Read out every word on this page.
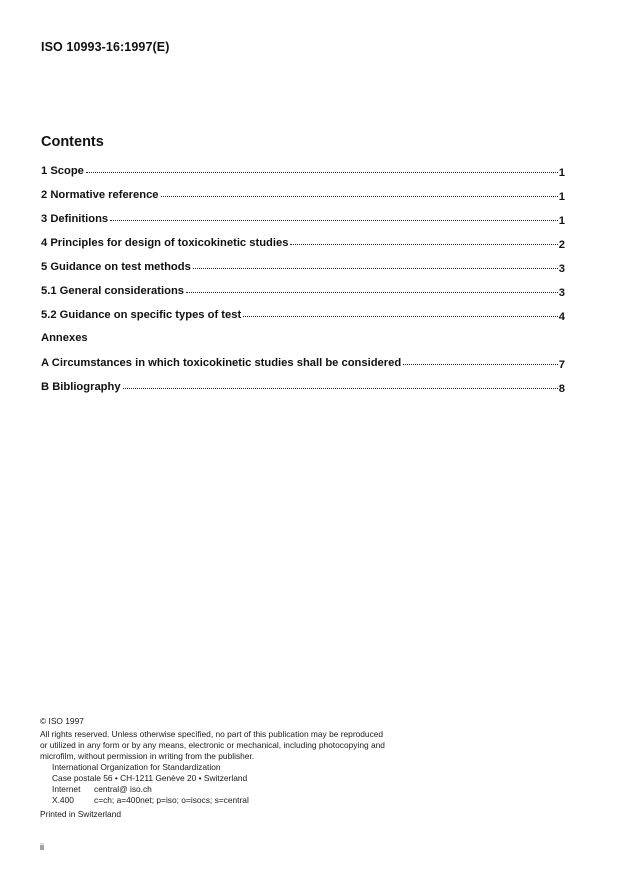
ISO 10993-16:1997(E)
Contents
1 Scope	1
2 Normative reference	1
3 Definitions	1
4 Principles for design of toxicokinetic studies	2
5 Guidance on test methods	3
5.1 General considerations	3
5.2 Guidance on specific types of test	4
Annexes
A Circumstances in which toxicokinetic studies shall be considered	7
B Bibliography	8
© ISO 1997
All rights reserved. Unless otherwise specified, no part of this publication may be reproduced
or utilized in any form or by any means, electronic or mechanical, including photocopying and
microfilm, without permission in writing from the publisher.
International Organization for Standardization
Case postale 56 • CH-1211 Genève 20 • Switzerland
Internet central@ iso.ch
X.400 c=ch; a=400net; p=iso; o=isocs; s=central
Printed in Switzerland
ii
